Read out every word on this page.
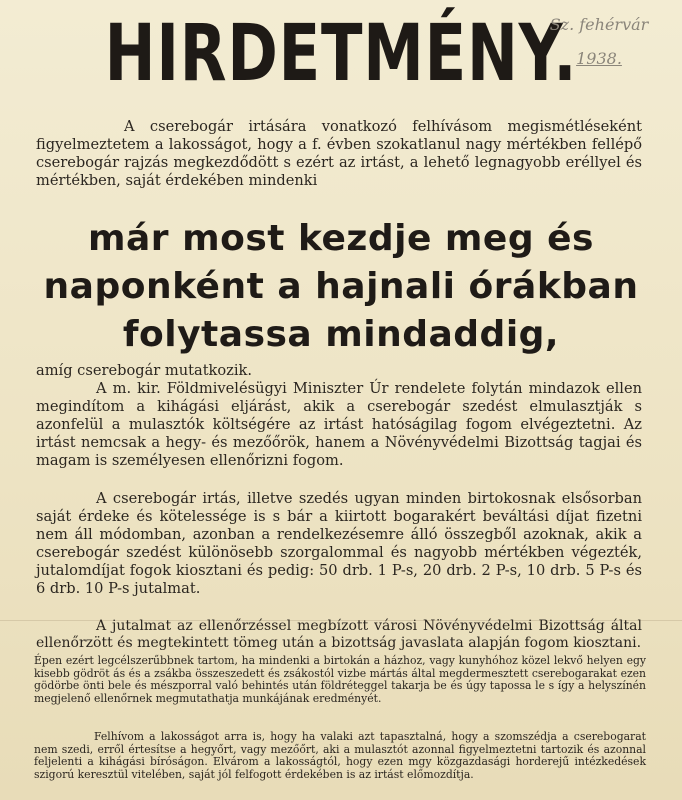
HIRDETMÉNY.
Sz. fehérvár
1938.

A cserebogár irtására vonatkozó felhívásom megismétléseként figyelmeztetem a lakosságot, hogy a f. évben szokatlanul nagy mértékben fellépő cserebogár rajzás megkezdődött s ezért az irtást, a lehető legnagyobb eréllyel és mértékben, saját érdekében mindenki

már most kezdje meg és

naponként a hajnali órákban

folytassa mindaddig,

amíg cserebogár mutatkozik.

A m. kir. Földmivelésügyi Miniszter Úr rendelete folytán mindazok ellen megindítom a kihágási eljárást, akik a cserebogár szedést elmulasztják s azonfelül a mulasztók költségére az irtást hatóságilag fogom elvégeztetni. Az irtást nemcsak a hegy- és mezőőrök, hanem a Növényvédelmi Bizottság tagjai és magam is személyesen ellenőrizni fogom.

A cserebogár irtás, illetve szedés ugyan minden birtokosnak elsősorban saját érdeke és kötelessége is s bár a kiirtott bogarakért beváltási díjat fizetni nem áll módomban, azonban a rendelkezésemre álló összegből azoknak, akik a cserebogár szedést különösebb szorgalommal és nagyobb mértékben végezték, jutalomdíjat fogok kiosztani és pedig: 50 drb. 1 P-s, 20 drb. 2 P-s, 10 drb. 5 P-s és 6 drb. 10 P-s jutalmat.

A jutalmat az ellenőrzéssel megbízott városi Növényvédelmi Bizottság által ellenőrzött és megtekintett tömeg után a bizottság javaslata alapján fogom kiosztani.

Épen ezért legcélszerűbbnek tartom, ha mindenki a birtokán a házhoz, vagy kunyhóhoz közel lekvő helyen egy kisebb gödröt ás és a zsákba összeszedett és zsákostól vizbe mártás által megdermesztett cserebogarakat ezen gödörbe önti bele és mészporral való behintés után földréteggel takarja be és úgy tapossa le s így a helyszínén megjelenő ellenőrnek megmutathatja munkájának eredményét.

Felhívom a lakosságot arra is, hogy ha valaki azt tapasztalná, hogy a szomszédja a cserebogarat nem szedi, erről értesítse a hegyőrt, vagy mezőőrt, aki a mulasztót azonnal figyelmeztetni tartozik és azonnal feljelenti a kihágási bíróságon. Elvárom a lakosságtól, hogy ezen mgy közgazdasági horderejű intézkedések szigorú keresztül vitelében, saját jól felfogott érdekében is az irtást előmozdítja.
